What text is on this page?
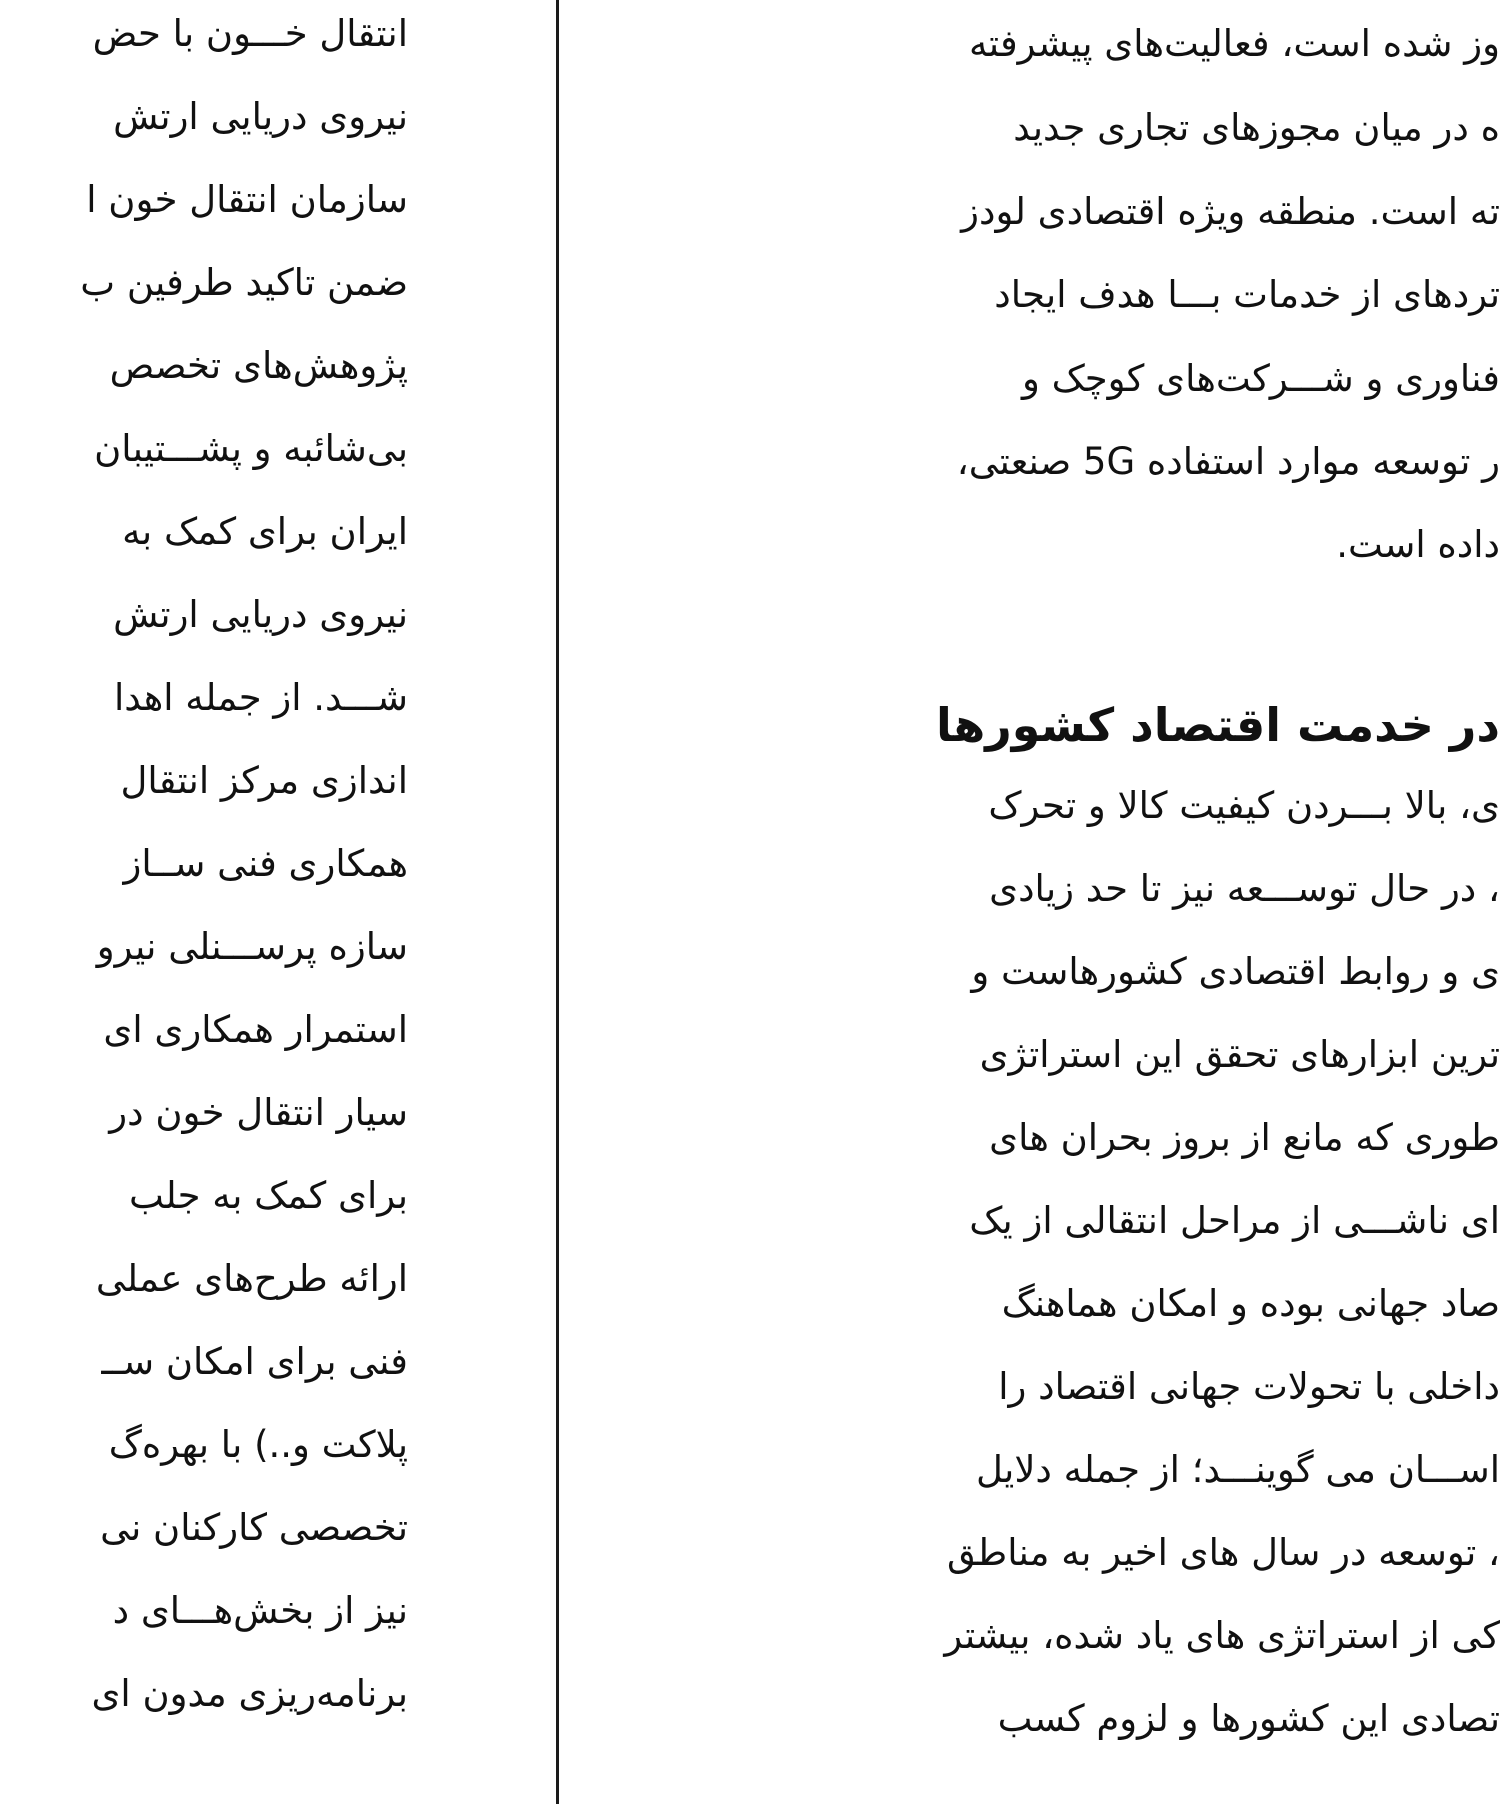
انتقال خـــون با حض
نیروی دریایی ارتش
سازمان انتقال خون ا
ضمن تاکید طرفین ب
پژوهش‌های تخصص
بی‌شائبه و پشـــتیبان
ایران برای کمک به
نیروی دریایی ارتش
شـــد. از جمله اهدا
اندازی مرکز انتقال
همکاری فنی ســاز
سازه پرســـنلی نیرو
استمرار همکاری ای
سیار انتقال خون در
برای کمک به جلب
ارائه طرح‌های عملی
فنی برای امکان ســ
پلاکت و..) با بهره‌گ
تخصصی کارکنان نی
نیز از بخش‌هـــای د
برنامه‌ریزی مدون ای
وز شده است، فعالیت‌های پیشرفته
ه در میان مجوزهای تجاری جدید
ته است. منطقه ویژه اقتصادی لودز
تردهای از خدمات بـــا هدف ایجاد
فناوری و شـــرکت‌های کوچک و
ر توسعه موارد استفاده 5G صنعتی،
داده است.
در خدمت اقتصاد کشورها
ی، بالا بـــردن کیفیت کالا و تحرک
، در حال توســـعه نیز تا حد زیادی
ی و روابط اقتصادی کشورهاست و
ترین ابزارهای تحقق این استراتژی
طوری که مانع از بروز بحران های
ای ناشـــی از مراحل انتقالی از یک
صاد جهانی بوده و امکان هماهنگ
داخلی با تحولات جهانی اقتصاد را
اســـان می گوینـــد؛ از جمله دلایل
، توسعه در سال های اخیر به مناطق
کی از استراتژی های یاد شده، بیشتر
تصادی این کشورها و لزوم کسب
